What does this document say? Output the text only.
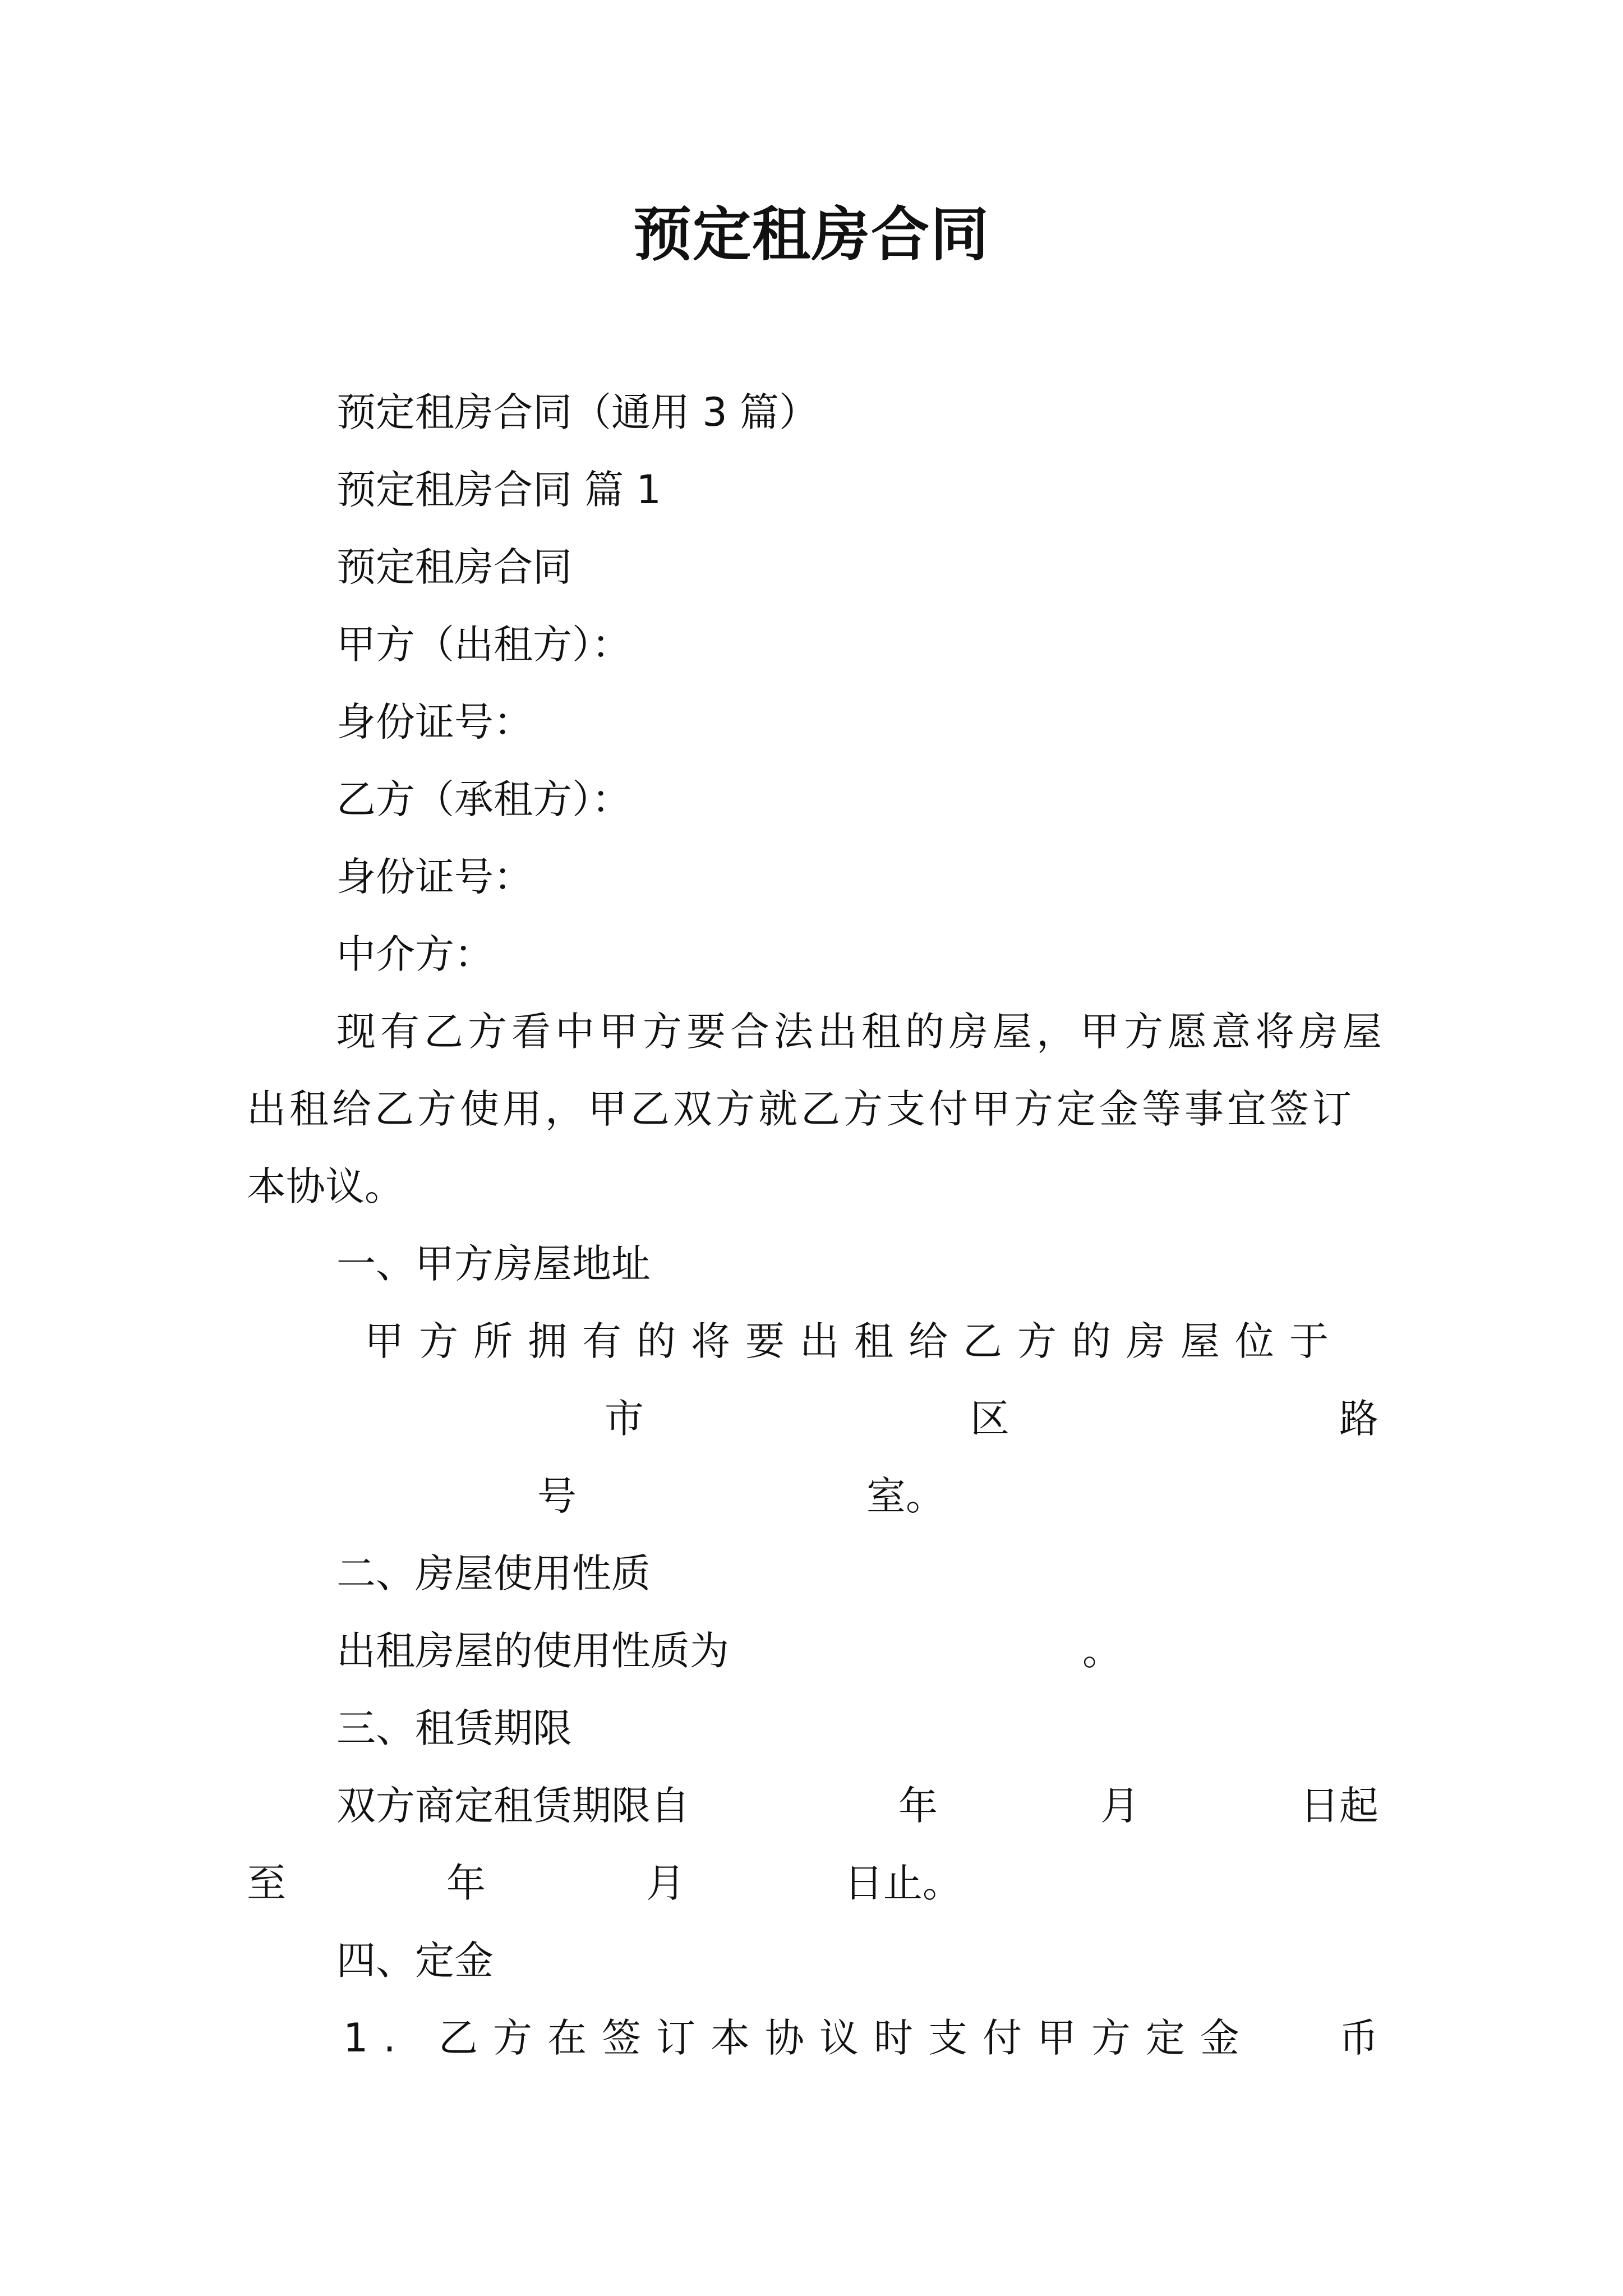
预定租房合同

预定租房合同（通用 3 篇）

预定租房合同 篇 1

预定租房合同

甲方（出租方）：

身份证号：

乙方（承租方）：

身份证号：

中介方：

现有乙方看中甲方要合法出租的房屋，甲方愿意将房屋

出租给乙方使用，甲乙双方就乙方支付甲方定金等事宜签订

本协议。

一、甲方房屋地址

甲方所拥有的将要出租给乙方的房屋位于

市	区	路

号	室。

二、房屋使用性质

出租房屋的使用性质为	。

三、租赁期限

双方商定租赁期限自	年	月	日起

至	年	月	日止。

四、定金

1. 乙方在签订本协议时支付甲方定金 币
